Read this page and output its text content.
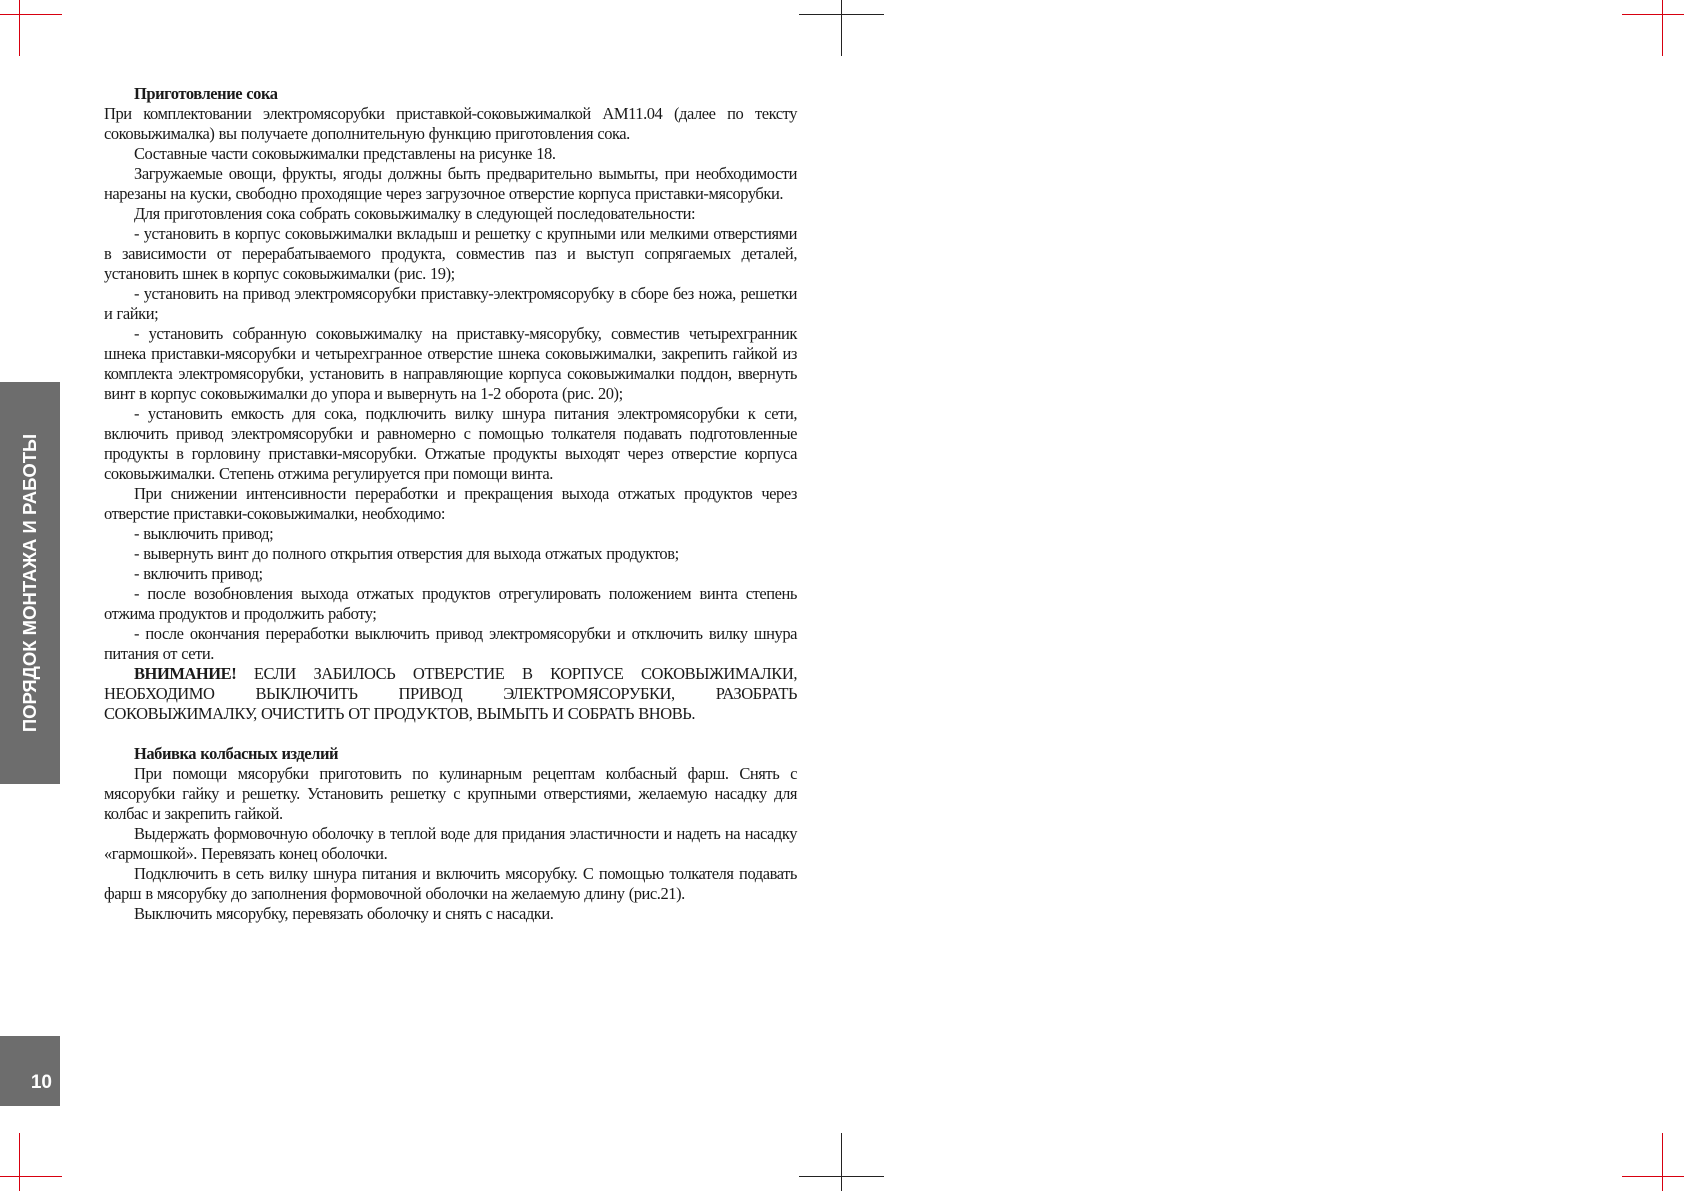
ПОРЯДОК МОНТАЖА И РАБОТЫ
10
Приготовление сока

При комплектовании электромясорубки приставкой-соковыжималкой АМ11.04 (далее по тексту соковыжималка) вы получаете дополнительную функцию приготовления сока.

Составные части соковыжималки представлены на рисунке 18.

Загружаемые овощи, фрукты, ягоды должны быть предварительно вымыты, при необходимости нарезаны на куски, свободно проходящие через загрузочное отверстие корпуса приставки-мясорубки.

Для приготовления сока собрать соковыжималку в следующей последовательности:

- установить в корпус соковыжималки вкладыш и решетку с крупными или мелкими отверстиями в зависимости от перерабатываемого продукта, совместив паз и выступ сопрягаемых деталей, установить шнек в корпус соковыжималки (рис. 19);

- установить на привод электромясорубки приставку-электромясорубку в сборе без ножа, решетки и гайки;

- установить собранную соковыжималку на приставку-мясорубку, совместив четырехгранник шнека приставки-мясорубки и четырехгранное отверстие шнека соковыжималки, закрепить гайкой из комплекта электромясорубки, установить в направляющие корпуса соковыжималки поддон, ввернуть винт в корпус соковыжималки до упора и вывернуть на 1-2 оборота (рис. 20);

- установить емкость для сока, подключить вилку шнура питания электромясорубки к сети, включить привод электромясорубки и равномерно с помощью толкателя подавать подготовленные продукты в горловину приставки-мясорубки. Отжатые продукты выходят через отверстие корпуса соковыжималки. Степень отжима регулируется при помощи винта.

При снижении интенсивности переработки и прекращения выхода отжатых продуктов через отверстие приставки-соковыжималки, необходимо:

- выключить привод;

- вывернуть винт до полного открытия отверстия для выхода отжатых продуктов;

- включить привод;

- после возобновления выхода отжатых продуктов отрегулировать положением винта степень отжима продуктов и продолжить работу;

- после окончания переработки выключить привод электромясорубки и отключить вилку шнура питания от сети.

ВНИМАНИЕ! ЕСЛИ ЗАБИЛОСЬ ОТВЕРСТИЕ В КОРПУСЕ СОКОВЫЖИМАЛКИ, НЕОБХОДИМО ВЫКЛЮЧИТЬ ПРИВОД ЭЛЕКТРОМЯСОРУБКИ, РАЗОБРАТЬ СОКОВЫЖИМАЛКУ, ОЧИСТИТЬ ОТ ПРОДУКТОВ, ВЫМЫТЬ И СОБРАТЬ ВНОВЬ.

Набивка колбасных изделий

При помощи мясорубки приготовить по кулинарным рецептам колбасный фарш. Снять с мясорубки гайку и решетку. Установить решетку с крупными отверстиями, желаемую насадку для колбас и закрепить гайкой.

Выдержать формовочную оболочку в теплой воде для придания эластичности и надеть на насадку «гармошкой». Перевязать конец оболочки.

Подключить в сеть вилку шнура питания и включить мясорубку. С помощью толкателя подавать фарш в мясорубку до заполнения формовочной оболочки на желаемую длину (рис.21).

Выключить мясорубку, перевязать оболочку и снять с насадки.
